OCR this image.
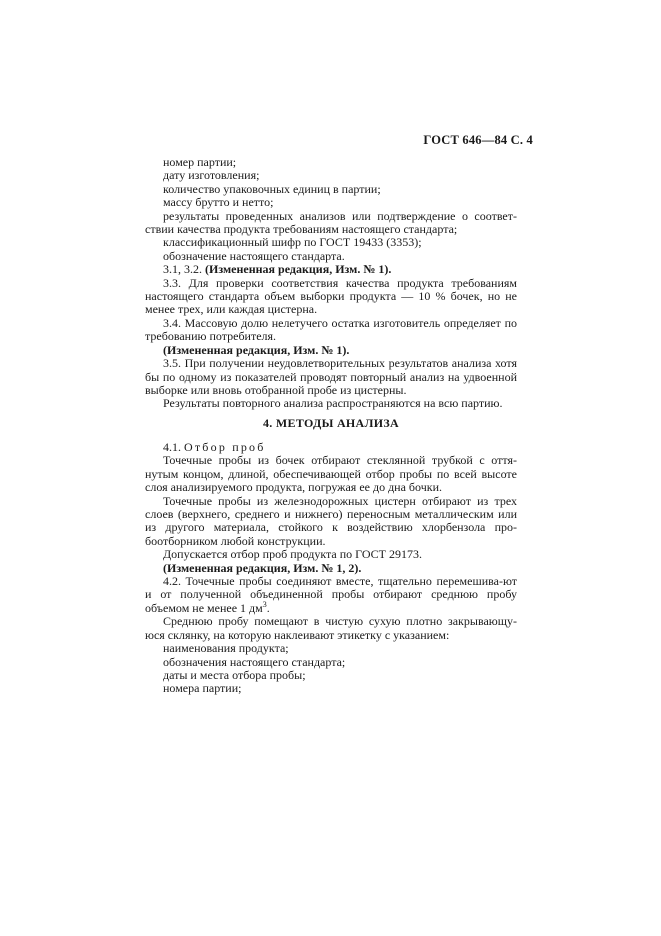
ГОСТ 646—84 С. 4

номер партии;

дату изготовления;

количество упаковочных единиц в партии;

массу брутто и нетто;

результаты проведенных анализов или подтверждение о соответ-ствии качества продукта требованиям настоящего стандарта;

классификационный шифр по ГОСТ 19433 (3353);

обозначение настоящего стандарта.

3.1, 3.2. (Измененная редакция, Изм. № 1).

3.3. Для проверки соответствия качества продукта требованиям настоящего стандарта объем выборки продукта — 10 % бочек, но не менее трех, или каждая цистерна.

3.4. Массовую долю нелетучего остатка изготовитель определяет по требованию потребителя.

(Измененная редакция, Изм. № 1).

3.5. При получении неудовлетворительных результатов анализа хотя бы по одному из показателей проводят повторный анализ на удвоенной выборке или вновь отобранной пробе из цистерны.

Результаты повторного анализа распространяются на всю партию.

4. МЕТОДЫ АНАЛИЗА

4.1. Отбор проб

Точечные пробы из бочек отбирают стеклянной трубкой с оття-нутым концом, длиной, обеспечивающей отбор пробы по всей высоте слоя анализируемого продукта, погружая ее до дна бочки.

Точечные пробы из железнодорожных цистерн отбирают из трех слоев (верхнего, среднего и нижнего) переносным металлическим или из другого материала, стойкого к воздействию хлорбензола про-боотборником любой конструкции.

Допускается отбор проб продукта по ГОСТ 29173.

(Измененная редакция, Изм. № 1, 2).

4.2. Точечные пробы соединяют вместе, тщательно перемешива-ют и от полученной объединенной пробы отбирают среднюю пробу объемом не менее 1 $дм^3$.

Среднюю пробу помещают в чистую сухую плотно закрывающу-юся склянку, на которую наклеивают этикетку с указанием:

наименования продукта;

обозначения настоящего стандарта;

даты и места отбора пробы;

номера партии;
